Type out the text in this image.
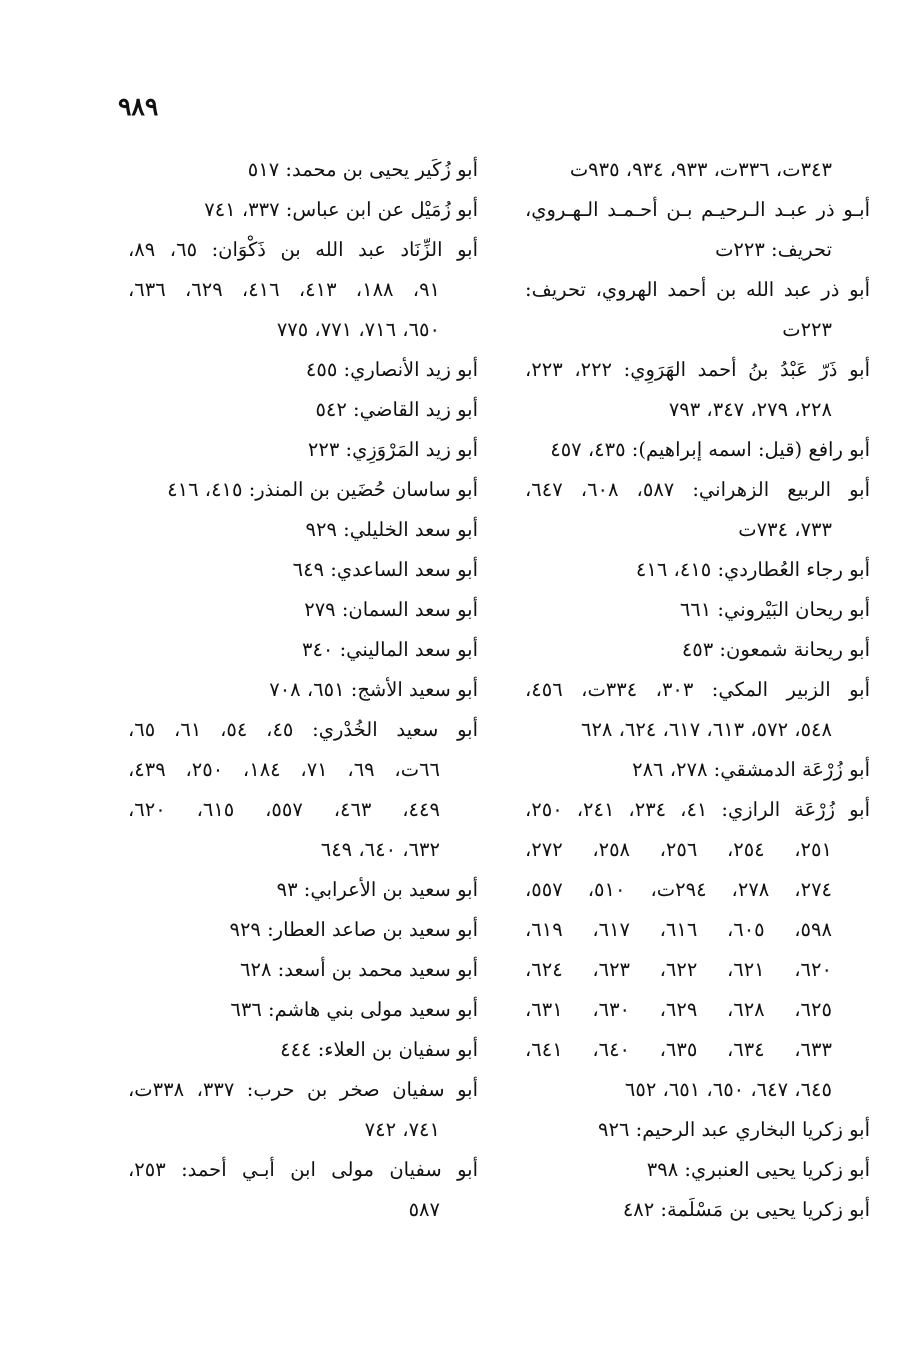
٩٨٩
٣٤٣ت، ٣٣٦ت، ٩٣٣، ٩٣٤، ٩٣٥ت
أبـو ذر عبـد الـرحيـم بـن أحـمـد الـهـروي،
تحريف: ٢٢٣ت
أبو ذر عبد الله بن أحمد الهروي، تحريف:
٢٢٣ت
أبو ذَرّ عَبْدُ بنُ أحمد الهَرَوِي: ٢٢٢، ٢٢٣،
٢٢٨، ٢٧٩، ٣٤٧، ٧٩٣
أبو رافع (قيل: اسمه إبراهيم): ٤٣٥، ٤٥٧
أبو الربيع الزهراني: ٥٨٧، ٦٠٨، ٦٤٧،
٧٣٣، ٧٣٤ت
أبو رجاء العُطاردي: ٤١٥، ٤١٦
أبو ريحان البَيْروني: ٦٦١
أبو ريحانة شمعون: ٤٥٣
أبو الزبير المكي: ٣٠٣، ٣٣٤ت، ٤٥٦،
٥٤٨، ٥٧٢، ٦١٣، ٦١٧، ٦٢٤، ٦٢٨
أبو زُرْعَة الدمشقي: ٢٧٨، ٢٨٦
أبو زُرْعَة الرازي: ٤١، ٢٣٤، ٢٤١، ٢٥٠،
٢٥١، ٢٥٤، ٢٥٦، ٢٥٨، ٢٧٢،
٢٧٤، ٢٧٨، ٢٩٤ت، ٥١٠، ٥٥٧،
٥٩٨، ٦٠٥، ٦١٦، ٦١٧، ٦١٩،
٦٢٠، ٦٢١، ٦٢٢، ٦٢٣، ٦٢٤،
٦٢٥، ٦٢٨، ٦٢٩، ٦٣٠، ٦٣١،
٦٣٣، ٦٣٤، ٦٣٥، ٦٤٠، ٦٤١،
٦٤٥، ٦٤٧، ٦٥٠، ٦٥١، ٦٥٢
أبو زكريا البخاري عبد الرحيم: ٩٢٦
أبو زكريا يحيى العنبري: ٣٩٨
أبو زكريا يحيى بن مَسْلَمة: ٤٨٢
أبو زُكَير يحيى بن محمد: ٥١٧
أبو زُمَيْل عن ابن عباس: ٣٣٧، ٧٤١
أبو الزِّنَاد عبد الله بن ذَكْوَان: ٦٥، ٨٩،
٩١، ١٨٨، ٤١٣، ٤١٦، ٦٢٩، ٦٣٦،
٦٥٠، ٧١٦، ٧٧١، ٧٧٥
أبو زيد الأنصاري: ٤٥٥
أبو زيد القاضي: ٥٤٢
أبو زيد المَرْوَزِي: ٢٢٣
أبو ساسان حُضَين بن المنذر: ٤١٥، ٤١٦
أبو سعد الخليلي: ٩٢٩
أبو سعد الساعدي: ٦٤٩
أبو سعد السمان: ٢٧٩
أبو سعد الماليني: ٣٤٠
أبو سعيد الأشج: ٦٥١، ٧٠٨
أبو سعيد الخُدْري: ٤٥، ٥٤، ٦١، ٦٥،
٦٦ت، ٦٩، ٧١، ١٨٤، ٢٥٠، ٤٣٩،
٤٤٩، ٤٦٣، ٥٥٧، ٦١٥، ٦٢٠،
٦٣٢، ٦٤٠، ٦٤٩
أبو سعيد بن الأعرابي: ٩٣
أبو سعيد بن صاعد العطار: ٩٢٩
أبو سعيد محمد بن أسعد: ٦٢٨
أبو سعيد مولى بني هاشم: ٦٣٦
أبو سفيان بن العلاء: ٤٤٤
أبو سفيان صخر بن حرب: ٣٣٧، ٣٣٨ت،
٧٤١، ٧٤٢
أبو سفيان مولى ابن أبـي أحمد: ٢٥٣،
٥٨٧
